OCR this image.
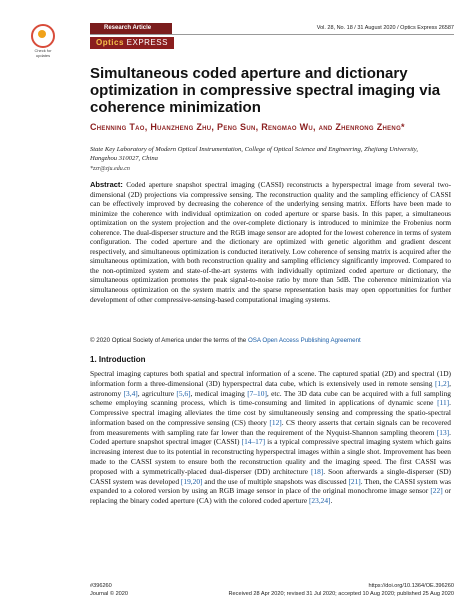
Check for updates
Research Article	Vol. 28, No. 18 / 31 August 2020 / Optics Express 26587
Optics EXPRESS
Simultaneous coded aperture and dictionary optimization in compressive spectral imaging via coherence minimization
Chenning Tao, Huanzheng Zhu, Peng Sun, Rengmao Wu, and Zhenrong Zheng*
State Key Laboratory of Modern Optical Instrumentation, College of Optical Science and Engineering, Zhejiang University, Hangzhou 310027, China
*zzr@zju.edu.cn
Abstract: Coded aperture snapshot spectral imaging (CASSI) reconstructs a hyperspectral image from several two-dimensional (2D) projections via compressive sensing. The reconstruction quality and the sampling efficiency of CASSI can be effectively improved by decreasing the coherence of the underlying sensing matrix. Efforts have been made to minimize the coherence with individual optimization on coded aperture or sparse basis. In this paper, a simultaneous optimization on the system projection and the over-complete dictionary is introduced to minimize the Frobenius norm coherence. The dual-disperser structure and the RGB image sensor are adopted for the lowest coherence in terms of system configuration. The coded aperture and the dictionary are optimized with genetic algorithm and gradient descent respectively, and simultaneous optimization is conducted iteratively. Low coherence of sensing matrix is acquired after the simultaneous optimization, with both reconstruction quality and sampling efficiency significantly improved. Compared to the non-optimized system and state-of-the-art systems with individually optimized coded aperture or dictionary, the simultaneous optimization promotes the peak signal-to-noise ratio by more than 5dB. The coherence minimization via simultaneous optimization on the system matrix and the sparse representation basis may open opportunities for further development of other compressive-sensing-based computational imaging systems.
© 2020 Optical Society of America under the terms of the OSA Open Access Publishing Agreement
1. Introduction
Spectral imaging captures both spatial and spectral information of a scene. The captured spatial (2D) and spectral (1D) information form a three-dimensional (3D) hyperspectral data cube, which is extensively used in remote sensing [1,2], astronomy [3,4], agriculture [5,6], medical imaging [7–10], etc. The 3D data cube can be acquired with a full sampling scheme employing scanning process, which is time-consuming and limited in applications of dynamic scene [11]. Compressive spectral imaging alleviates the time cost by simultaneously sensing and compressing the spatio-spectral information based on the compressive sensing (CS) theory [12]. CS theory asserts that certain signals can be recovered from measurements with sampling rate far lower than the requirement of the Nyquist-Shannon sampling theorem [13]. Coded aperture snapshot spectral imager (CASSI) [14–17] is a typical compressive spectral imaging system which gains increasing interest due to its potential in reconstructing hyperspectral images within a single shot. Improvement has been made to the CASSI system to ensure both the reconstruction quality and the imaging speed. The first CASSI was proposed with a symmetrically-placed dual-disperser (DD) architecture [18]. Soon afterwards a single-disperser (SD) CASSI system was developed [19,20] and the use of multiple snapshots was discussed [21]. Then, the CASSI system was expanded to a colored version by using an RGB image sensor in place of the original monochrome image sensor [22] or replacing the binary coded aperture (CA) with the colored coded aperture [23,24].
#396260
Journal © 2020
https://doi.org/10.1364/OE.396260
Received 28 Apr 2020; revised 31 Jul 2020; accepted 10 Aug 2020; published 25 Aug 2020
